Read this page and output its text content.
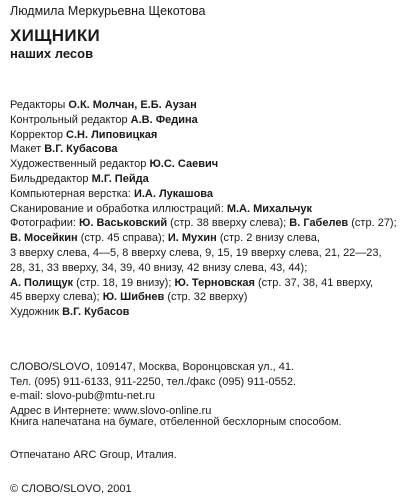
Людмила Меркурьевна Щекотова
ХИЩНИКИ
наших лесов
Редакторы О.К. Молчан, Е.Б. Аузан
Контрольный редактор А.В. Федина
Корректор С.Н. Липовицкая
Макет В.Г. Кубасова
Художественный редактор Ю.С. Саевич
Бильдредактор М.Г. Пейда
Компьютерная верстка: И.А. Лукашова
Сканирование и обработка иллюстраций: М.А. Михальчук
Фотографии: Ю. Васьковский (стр. 38 вверху слева); В. Габелев (стр. 27);
В. Мосейкин (стр. 45 справа); И. Мухин (стр. 2 внизу слева,
3 вверху слева, 4—5, 8 вверху слева, 9, 15, 19 вверху слева, 21, 22—23,
28, 31, 33 вверху, 34, 39, 40 внизу, 42 внизу слева, 43, 44);
А. Полищук (стр. 18, 19 внизу); Ю. Терновская (стр. 37, 38, 41 вверху,
45 вверху слева); Ю. Шибнев (стр. 32 вверху)
Художник В.Г. Кубасов
СЛОВО/SLOVO, 109147, Москва, Воронцовская ул., 41.
Тел. (095) 911-6133, 911-2250, тел./факс (095) 911-0552.
e-mail: slovo-pub@mtu-net.ru
Адрес в Интернете: www.slovo-online.ru
Книга напечатана на бумаге, отбеленной бесхлорным способом.
Отпечатано ARC Group, Италия.
© СЛОВО/SLOVO, 2001
